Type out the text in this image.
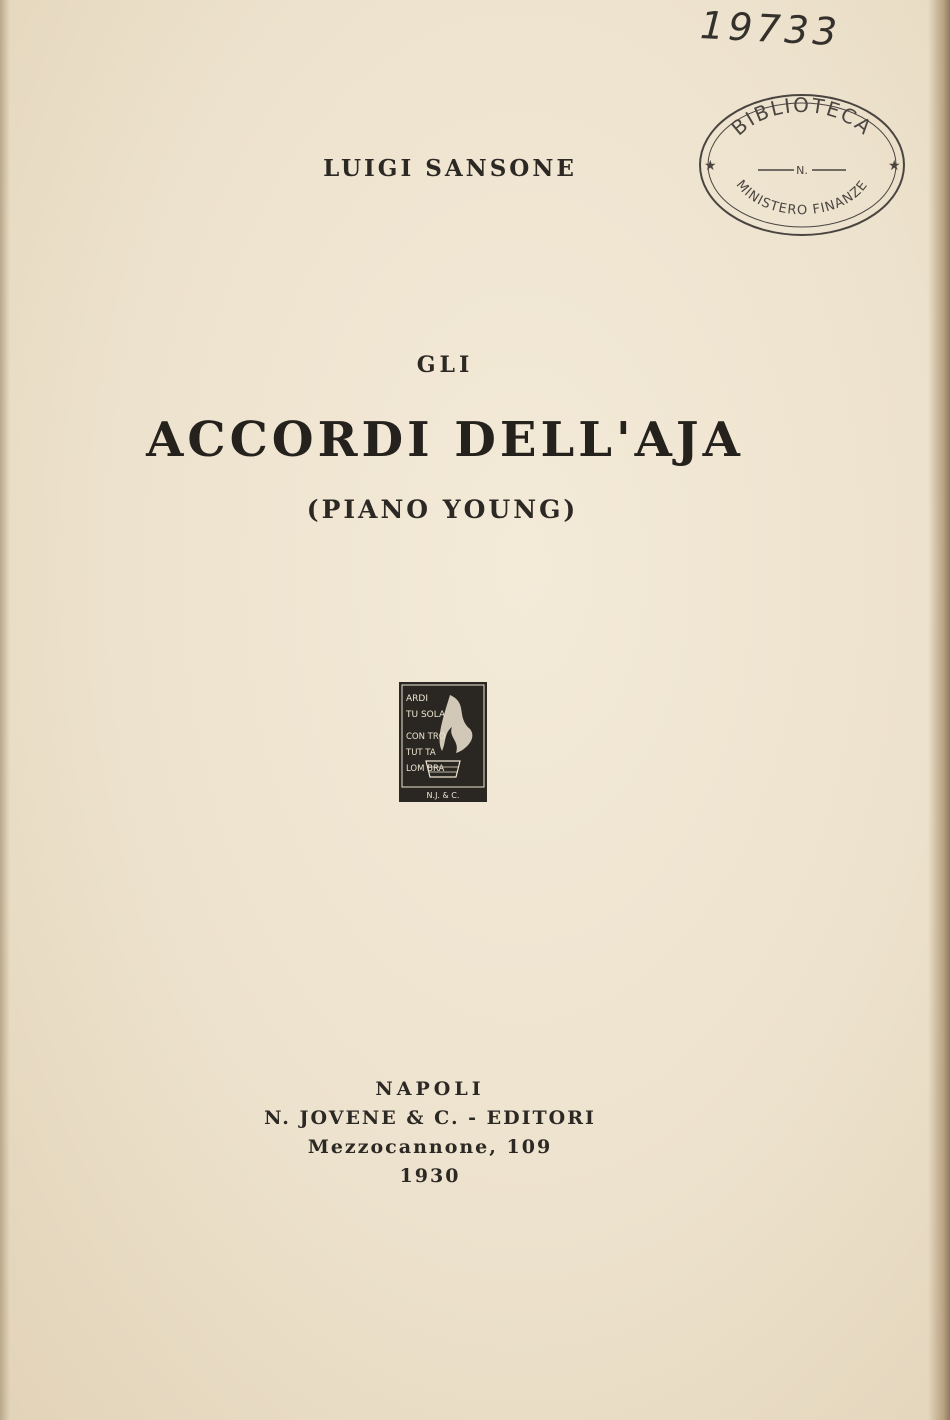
19733
BIBLIOTECA
MINISTERO FINANZE
★	★
N.
LUIGI SANSONE
GLI
ACCORDI DELL'AJA
(PIANO YOUNG)
ARDI
TU SOLA
CON TRO
TUT TA
LOM BRA
N.J. & C.
NAPOLI
N. JOVENE & C. - EDITORI
Mezzocannone, 109
1930
